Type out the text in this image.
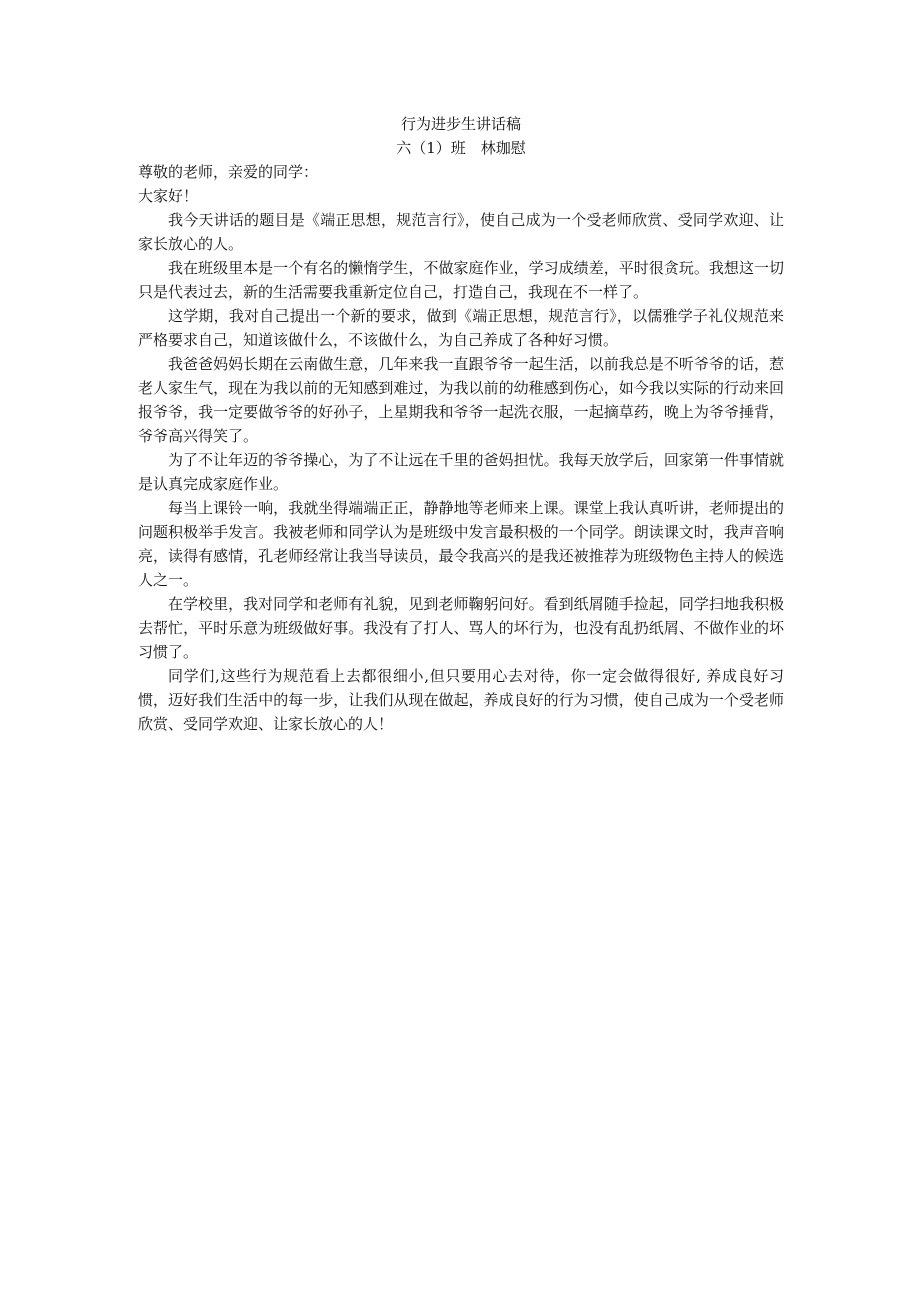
行为进步生讲话稿

六（1）班　林珈慰

尊敬的老师，亲爱的同学：

大家好！

我今天讲话的题目是《端正思想，规范言行》，使自己成为一个受老师欣赏、受同学欢迎、让家长放心的人。

我在班级里本是一个有名的懒惰学生，不做家庭作业，学习成绩差，平时很贪玩。我想这一切只是代表过去，新的生活需要我重新定位自己，打造自己，我现在不一样了。

这学期，我对自己提出一个新的要求，做到《端正思想，规范言行》，以儒雅学子礼仪规范来严格要求自己，知道该做什么，不该做什么，为自己养成了各种好习惯。

我爸爸妈妈长期在云南做生意，几年来我一直跟爷爷一起生活，以前我总是不听爷爷的话，惹老人家生气，现在为我以前的无知感到难过，为我以前的幼稚感到伤心，如今我以实际的行动来回报爷爷，我一定要做爷爷的好孙子，上星期我和爷爷一起洗衣服，一起摘草药，晚上为爷爷捶背，爷爷高兴得笑了。

为了不让年迈的爷爷操心，为了不让远在千里的爸妈担忧。我每天放学后，回家第一件事情就是认真完成家庭作业。

每当上课铃一响，我就坐得端端正正，静静地等老师来上课。课堂上我认真听讲，老师提出的问题积极举手发言。我被老师和同学认为是班级中发言最积极的一个同学。朗读课文时，我声音响亮，读得有感情，孔老师经常让我当导读员，最令我高兴的是我还被推荐为班级物色主持人的候选人之一。

在学校里，我对同学和老师有礼貌，见到老师鞠躬问好。看到纸屑随手捡起，同学扫地我积极去帮忙，平时乐意为班级做好事。我没有了打人、骂人的坏行为，也没有乱扔纸屑、不做作业的坏习惯了。

同学们,这些行为规范看上去都很细小,但只要用心去对待，你一定会做得很好, 养成良好习惯，迈好我们生活中的每一步，让我们从现在做起，养成良好的行为习惯，使自己成为一个受老师欣赏、受同学欢迎、让家长放心的人！
